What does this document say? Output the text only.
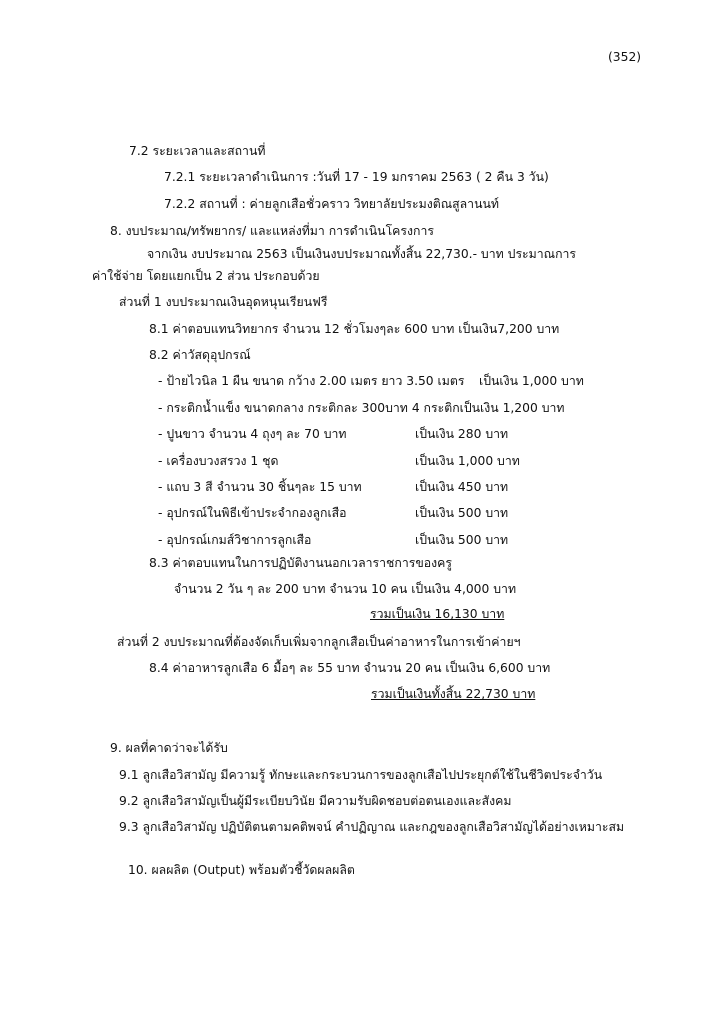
(352)
7.2 ระยะเวลาและสถานที่
7.2.1 ระยะเวลาดำเนินการ :วันที่ 17 - 19 มกราคม 2563 ( 2 คืน 3 วัน)
7.2.2 สถานที่ : ค่ายลูกเสือชั่วคราว วิทยาลัยประมงติณสูลานนท์
8. งบประมาณ/ทรัพยากร/ และแหล่งที่มา การดำเนินโครงการ
จากเงิน งบประมาณ 2563 เป็นเงินงบประมาณทั้งสิ้น 22,730.- บาท ประมาณการ
ค่าใช้จ่าย โดยแยกเป็น 2 ส่วน ประกอบด้วย
ส่วนที่ 1 งบประมาณเงินอุดหนุนเรียนฟรี
8.1 ค่าตอบแทนวิทยากร จำนวน 12 ชั่วโมงๆละ 600 บาท เป็นเงิน7,200 บาท
8.2 ค่าวัสดุอุปกรณ์
- ป้ายไวนิล 1 ผืน ขนาด กว้าง 2.00 เมตร ยาว 3.50 เมตร เป็นเงิน 1,000 บาท
- กระติกน้ำแข็ง ขนาดกลาง กระติกละ 300บาท 4 กระติกเป็นเงิน 1,200 บาท
- ปูนขาว จำนวน 4 ถุงๆ ละ 70 บาท	เป็นเงิน 280 บาท
- เครื่องบวงสรวง 1 ชุด	เป็นเงิน 1,000 บาท
- แถบ 3 สี จำนวน 30 ชิ้นๆละ 15 บาท	เป็นเงิน 450 บาท
- อุปกรณ์ในพิธีเข้าประจำกองลูกเสือ	เป็นเงิน 500 บาท
- อุปกรณ์เกมส์วิชาการลูกเสือ	เป็นเงิน 500 บาท
8.3 ค่าตอบแทนในการปฏิบัติงานนอกเวลาราชการของครู
จำนวน 2 วัน ๆ ละ 200 บาท จำนวน 10 คน เป็นเงิน 4,000 บาท
รวมเป็นเงิน 16,130 บาท
ส่วนที่ 2 งบประมาณที่ต้องจัดเก็บเพิ่มจากลูกเสือเป็นค่าอาหารในการเข้าค่ายฯ
8.4 ค่าอาหารลูกเสือ 6 มื้อๆ ละ 55 บาท จำนวน 20 คน เป็นเงิน 6,600 บาท
รวมเป็นเงินทั้งสิ้น 22,730 บาท
9. ผลที่คาดว่าจะได้รับ
9.1 ลูกเสือวิสามัญ มีความรู้ ทักษะและกระบวนการของลูกเสือไปประยุกต์ใช้ในชีวิตประจำวัน
9.2 ลูกเสือวิสามัญเป็นผู้มีระเบียบวินัย มีความรับผิดชอบต่อตนเองและสังคม
9.3 ลูกเสือวิสามัญ ปฏิบัติตนตามคติพจน์ คำปฏิญาณ และกฎของลูกเสือวิสามัญได้อย่างเหมาะสม
10. ผลผลิต (Output) พร้อมตัวชี้วัดผลผลิต
